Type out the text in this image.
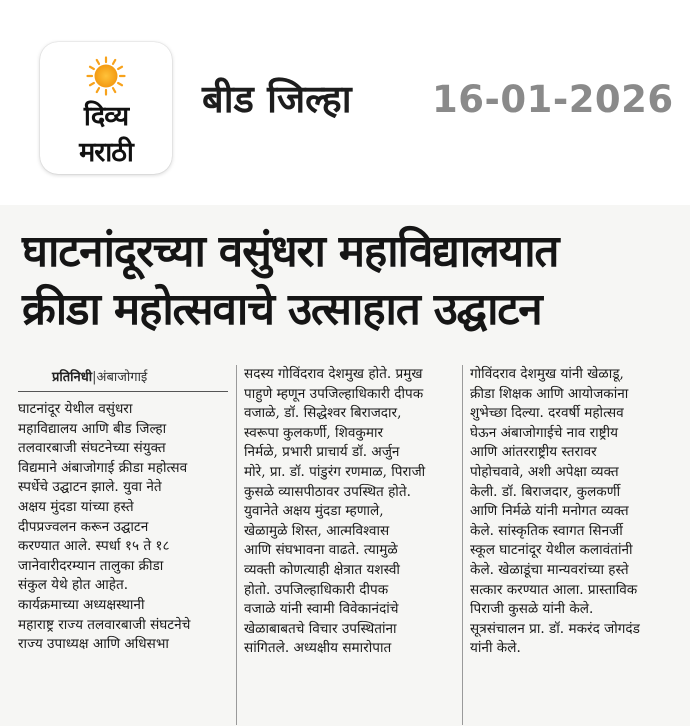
दिव्य
मराठी
बीड जिल्हा 16-01-2026
घाटनांदूरच्या वसुंधरा महाविद्यालयात
क्रीडा महोत्सवाचे उत्साहात उद्घाटन
प्रतिनिधी|अंबाजोगाई
घाटनांदूर येथील वसुंधरा
महाविद्यालय आणि बीड जिल्हा
तलवारबाजी संघटनेच्या संयुक्त
विद्यमाने अंबाजोगाई क्रीडा महोत्सव
स्पर्धेचे उद्घाटन झाले. युवा नेते
अक्षय मुंदडा यांच्या हस्ते
दीपप्रज्वलन करून उद्घाटन
करण्यात आले. स्पर्धा १५ ते १८
जानेवारीदरम्यान तालुका क्रीडा
संकुल येथे होत आहेत.
कार्यक्रमाच्या अध्यक्षस्थानी
महाराष्ट्र राज्य तलवारबाजी संघटनेचे
राज्य उपाध्यक्ष आणि अधिसभा
सदस्य गोविंदराव देशमुख होते. प्रमुख
पाहुणे म्हणून उपजिल्हाधिकारी दीपक
वजाळे, डॉ. सिद्धेश्वर बिराजदार,
स्वरूपा कुलकर्णी, शिवकुमार
निर्मळे, प्रभारी प्राचार्य डॉ. अर्जुन
मोरे, प्रा. डॉ. पांडुरंग रणमाळ, पिराजी
कुसळे व्यासपीठावर उपस्थित होते.
युवानेते अक्षय मुंदडा म्हणाले,
खेळामुळे शिस्त, आत्मविश्वास
आणि संघभावना वाढते. त्यामुळे
व्यक्ती कोणत्याही क्षेत्रात यशस्वी
होतो. उपजिल्हाधिकारी दीपक
वजाळे यांनी स्वामी विवेकानंदांचे
खेळाबाबतचे विचार उपस्थितांना
सांगितले. अध्यक्षीय समारोपात
गोविंदराव देशमुख यांनी खेळाडू,
क्रीडा शिक्षक आणि आयोजकांना
शुभेच्छा दिल्या. दरवर्षी महोत्सव
घेऊन अंबाजोगाईचे नाव राष्ट्रीय
आणि आंतरराष्ट्रीय स्तरावर
पोहोचवावे, अशी अपेक्षा व्यक्त
केली. डॉ. बिराजदार, कुलकर्णी
आणि निर्मळे यांनी मनोगत व्यक्त
केले. सांस्कृतिक स्वागत सिनर्जी
स्कूल घाटनांदूर येथील कलावंतांनी
केले. खेळाडूंचा मान्यवरांच्या हस्ते
सत्कार करण्यात आला. प्रास्ताविक
पिराजी कुसळे यांनी केले.
सूत्रसंचालन प्रा. डॉ. मकरंद जोगदंड
यांनी केले.
